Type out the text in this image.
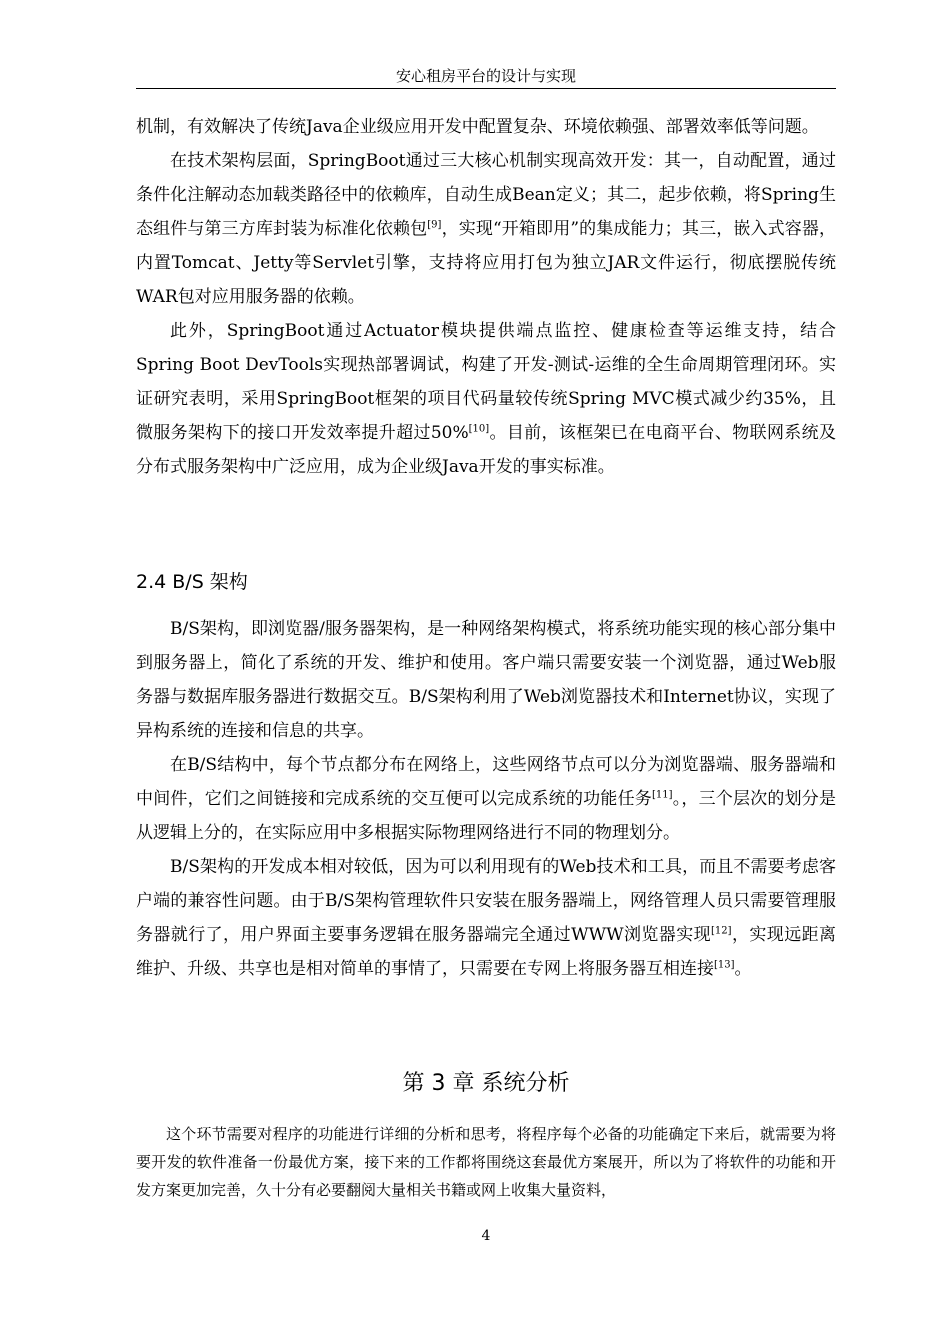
安心租房平台的设计与实现

机制，有效解决了传统Java企业级应用开发中配置复杂、环境依赖强、部署效率低等问题。

在技术架构层面，SpringBoot通过三大核心机制实现高效开发：其一，自动配置，通过条件化注解动态加载类路径中的依赖库，自动生成Bean定义；其二，起步依赖，将Spring生态组件与第三方库封装为标准化依赖包[9]，实现“开箱即用”的集成能力；其三，嵌入式容器，内置Tomcat、Jetty等Servlet引擎，支持将应用打包为独立JAR文件运行，彻底摆脱传统WAR包对应用服务器的依赖。

此外，SpringBoot通过Actuator模块提供端点监控、健康检查等运维支持，结合Spring Boot DevTools实现热部署调试，构建了开发-测试-运维的全生命周期管理闭环。实证研究表明，采用SpringBoot框架的项目代码量较传统Spring MVC模式减少约35%，且微服务架构下的接口开发效率提升超过50%[10]。目前，该框架已在电商平台、物联网系统及分布式服务架构中广泛应用，成为企业级Java开发的事实标准。

2.4 B/S 架构

B/S架构，即浏览器/服务器架构，是一种网络架构模式，将系统功能实现的核心部分集中到服务器上，简化了系统的开发、维护和使用。客户端只需要安装一个浏览器，通过Web服务器与数据库服务器进行数据交互。B/S架构利用了Web浏览器技术和Internet协议，实现了异构系统的连接和信息的共享。

在B/S结构中，每个节点都分布在网络上，这些网络节点可以分为浏览器端、服务器端和中间件，它们之间链接和完成系统的交互便可以完成系统的功能任务[11]。，三个层次的划分是从逻辑上分的，在实际应用中多根据实际物理网络进行不同的物理划分。

B/S架构的开发成本相对较低，因为可以利用现有的Web技术和工具，而且不需要考虑客户端的兼容性问题。由于B/S架构管理软件只安装在服务器端上，网络管理人员只需要管理服务器就行了，用户界面主要事务逻辑在服务器端完全通过WWW浏览器实现[12]，实现远距离维护、升级、共享也是相对简单的事情了，只需要在专网上将服务器互相连接[13]。

第 3 章 系统分析

这个环节需要对程序的功能进行详细的分析和思考，将程序每个必备的功能确定下来后，就需要为将要开发的软件准备一份最优方案，接下来的工作都将围绕这套最优方案展开，所以为了将软件的功能和开发方案更加完善，久十分有必要翻阅大量相关书籍或网上收集大量资料，

4
